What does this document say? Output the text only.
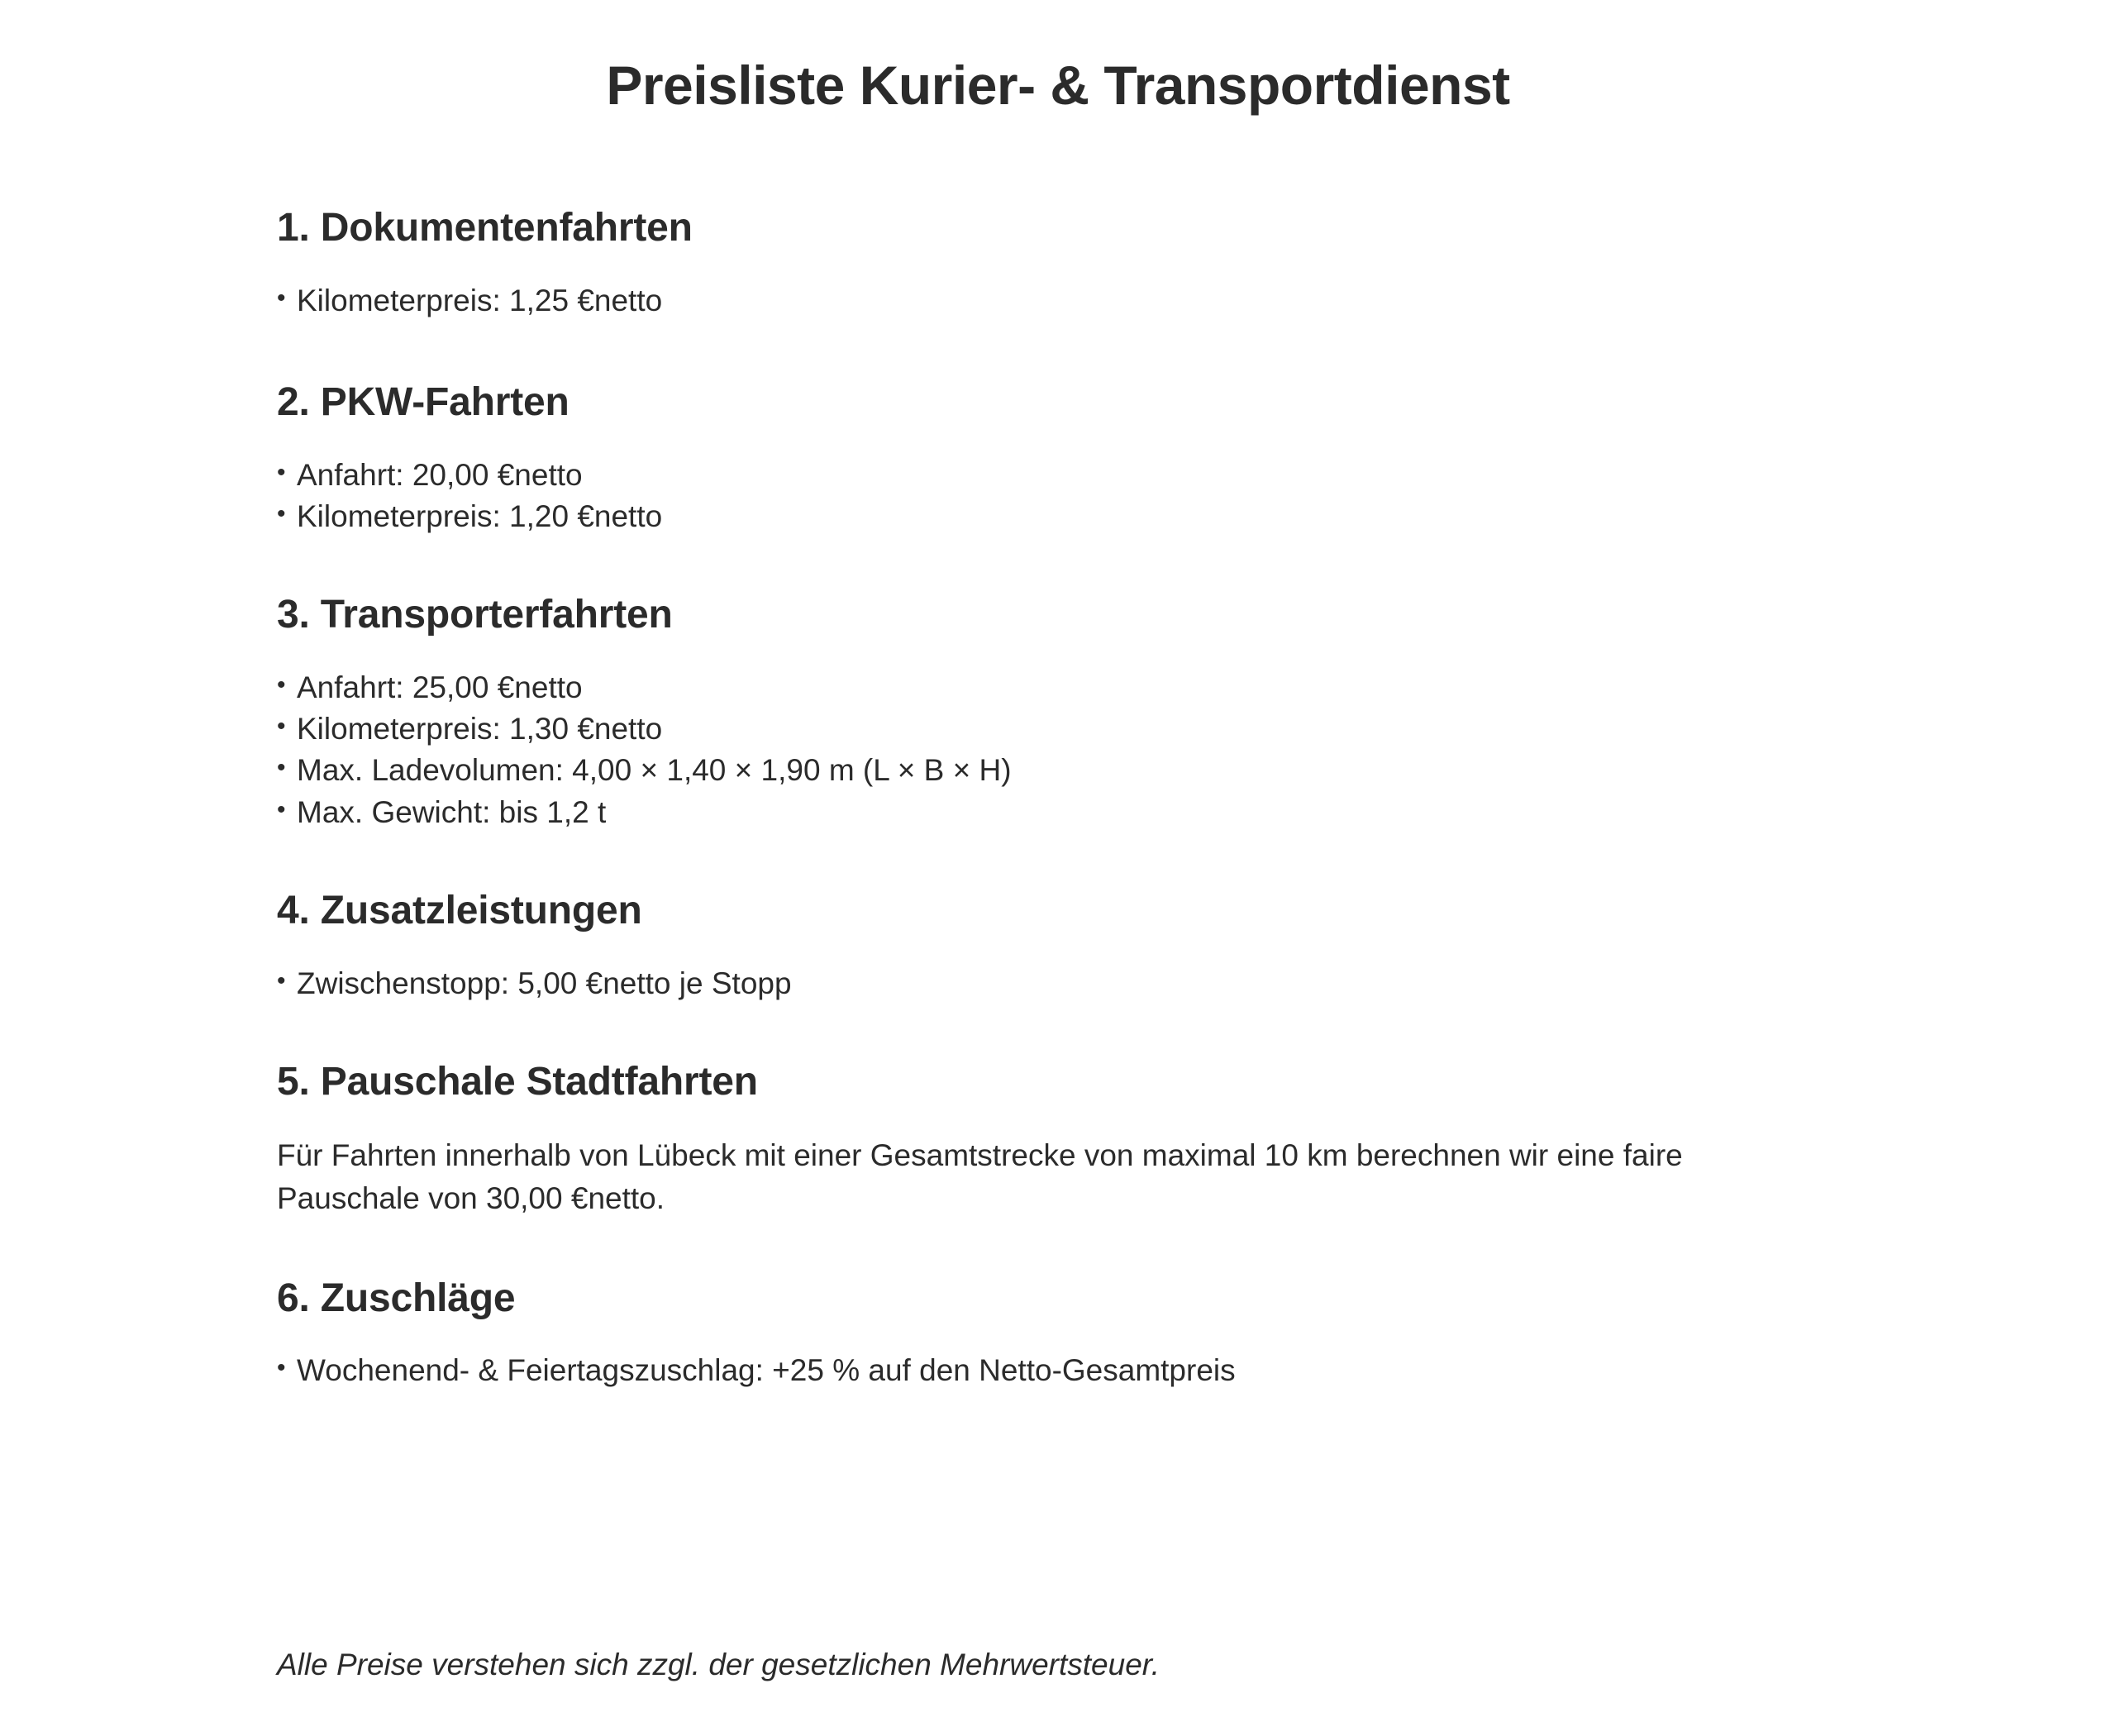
Preisliste Kurier- & Transportdienst
1. Dokumentenfahrten
• Kilometerpreis: 1,25 €netto
2. PKW-Fahrten
• Anfahrt: 20,00 €netto
• Kilometerpreis: 1,20 €netto
3. Transporterfahrten
• Anfahrt: 25,00 €netto
• Kilometerpreis: 1,30 €netto
• Max. Ladevolumen: 4,00 × 1,40 × 1,90 m (L × B × H)
• Max. Gewicht: bis 1,2 t
4. Zusatzleistungen
• Zwischenstopp: 5,00 €netto je Stopp
5. Pauschale Stadtfahrten

Für Fahrten innerhalb von Lübeck mit einer Gesamtstrecke von maximal 10 km berechnen wir eine faire Pauschale von 30,00 €netto.

6. Zuschläge
• Wochenend- & Feiertagszuschlag: +25 % auf den Netto-Gesamtpreis
Alle Preise verstehen sich zzgl. der gesetzlichen Mehrwertsteuer.
